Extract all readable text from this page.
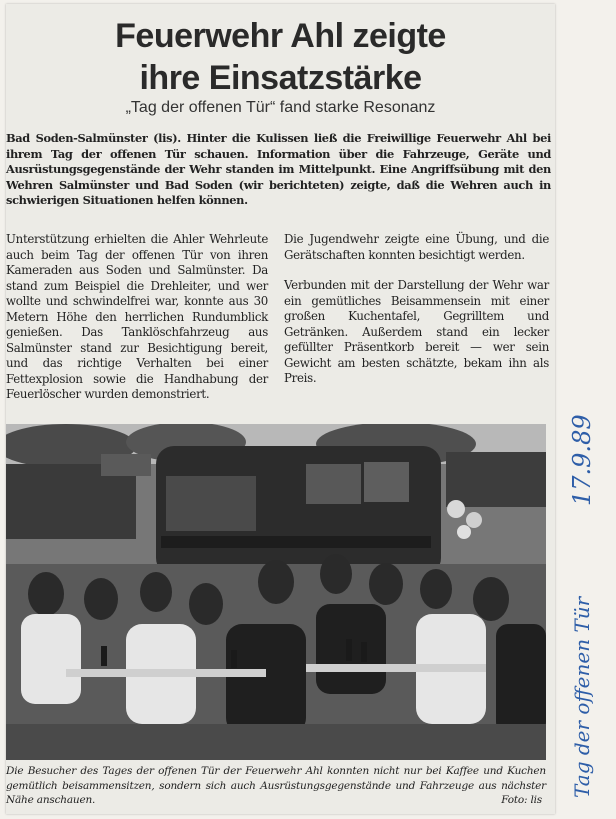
Feuerwehr Ahl zeigte
ihre Einsatzstärke
„Tag der offenen Tür“ fand starke Resonanz
Bad Soden-Salmünster (lis). Hinter die Kulissen ließ die Freiwillige Feuerwehr Ahl bei ihrem Tag der offenen Tür schauen. Information über die Fahrzeuge, Geräte und Ausrüstungsgegenstände der Wehr standen im Mittelpunkt. Eine Angriffsübung mit den Wehren Salmünster und Bad Soden (wir berichteten) zeigte, daß die Wehren auch in schwierigen Situationen helfen können.

Unterstützung erhielten die Ahler Wehrleute auch beim Tag der offenen Tür von ihren Kameraden aus Soden und Salmünster. Da stand zum Beispiel die Drehleiter, und wer wollte und schwindelfrei war, konnte aus 30 Metern Höhe den herrlichen Rundumblick genießen. Das Tanklöschfahrzeug aus Salmünster stand zur Besichtigung bereit, und das richtige Verhalten bei einer Fettexplosion sowie die Handhabung der Feuerlöscher wurden demonstriert.

Die Jugendwehr zeigte eine Übung, und die Gerätschaften konnten besichtigt werden.

Verbunden mit der Darstellung der Wehr war ein gemütliches Beisammensein mit einer großen Kuchentafel, Gegrilltem und Getränken. Außerdem stand ein lecker gefüllter Präsentkorb bereit — wer sein Gewicht am besten schätzte, bekam ihn als Preis.

Die Besucher des Tages der offenen Tür der Feuerwehr Ahl konnten nicht nur bei Kaffee und Kuchen gemütlich beisammensitzen, sondern sich auch Ausrüstungsgegenstände und Fahrzeuge aus nächster Nähe anschauen.	Foto: lis
17.9.89
Tag der offenen Tür
